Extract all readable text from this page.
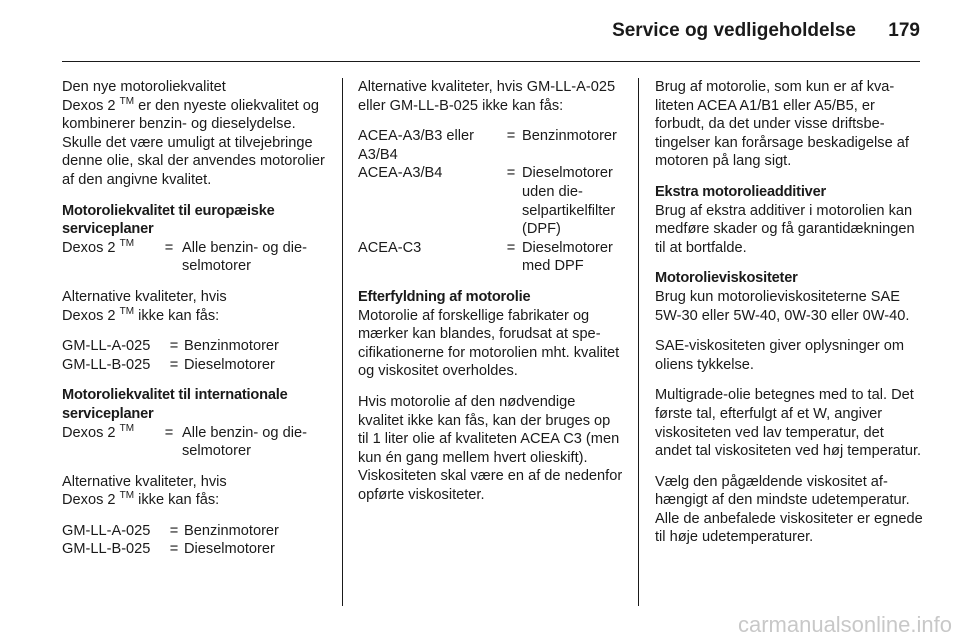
Service og vedligeholdelse 179

Den nye motoroliekvalitet
Dexos 2 ™ er den nyeste oliekvalitet og kombinerer benzin- og dieselydelse. Skulle det være umuligt at tilvejebringe denne olie, skal der anvendes motorolier af den angivne kvalitet.

Motoroliekvalitet til europæiske serviceplaner

Dexos 2 ™	=	Alle benzin- og dieselmotorer

Alternative kvaliteter, hvis
Dexos 2 ™ ikke kan fås:

GM-LL-A-025	=	Benzinmotorer
GM-LL-B-025	=	Dieselmotorer

Motoroliekvalitet til internationale serviceplaner

Dexos 2 ™	=	Alle benzin- og dieselmotorer

Alternative kvaliteter, hvis
Dexos 2 ™ ikke kan fås:

GM-LL-A-025	=	Benzinmotorer
GM-LL-B-025	=	Dieselmotorer

Alternative kvaliteter, hvis GM-LL-A-025 eller GM-LL-B-025 ikke kan fås:

ACEA-A3/B3 eller A3/B4	=	Benzinmotorer
ACEA-A3/B4	=	Dieselmotorer uden dieselpartikelfilter (DPF)
ACEA-C3	=	Dieselmotorer med DPF

Efterfyldning af motorolie

Motorolie af forskellige fabrikater og mærker kan blandes, forudsat at specifikationerne for motorolien mht. kvalitet og viskositet overholdes.

Hvis motorolie af den nødvendige kvalitet ikke kan fås, kan der bruges op til 1 liter olie af kvaliteten ACEA C3 (men kun én gang mellem hvert olieskift). Viskositeten skal være en af de nedenfor opførte viskositeter.

Brug af motorolie, som kun er af kvaliteten ACEA A1/B1 eller A5/B5, er forbudt, da det under visse driftsbetingelser kan forårsage beskadigelse af motoren på lang sigt.

Ekstra motorolieadditiver

Brug af ekstra additiver i motorolien kan medføre skader og få garantidækningen til at bortfalde.

Motorolieviskositeter

Brug kun motorolieviskositeterne SAE 5W-30 eller 5W-40, 0W-30 eller 0W-40.

SAE-viskositeten giver oplysninger om oliens tykkelse.

Multigrade-olie betegnes med to tal. Det første tal, efterfulgt af et W, angiver viskositeten ved lav temperatur, det andet tal viskositeten ved høj temperatur.

Vælg den pågældende viskositet afhængigt af den mindste udetemperatur. Alle de anbefalede viskositeter er egnede til høje udetemperaturer.

carmanualsonline.info
